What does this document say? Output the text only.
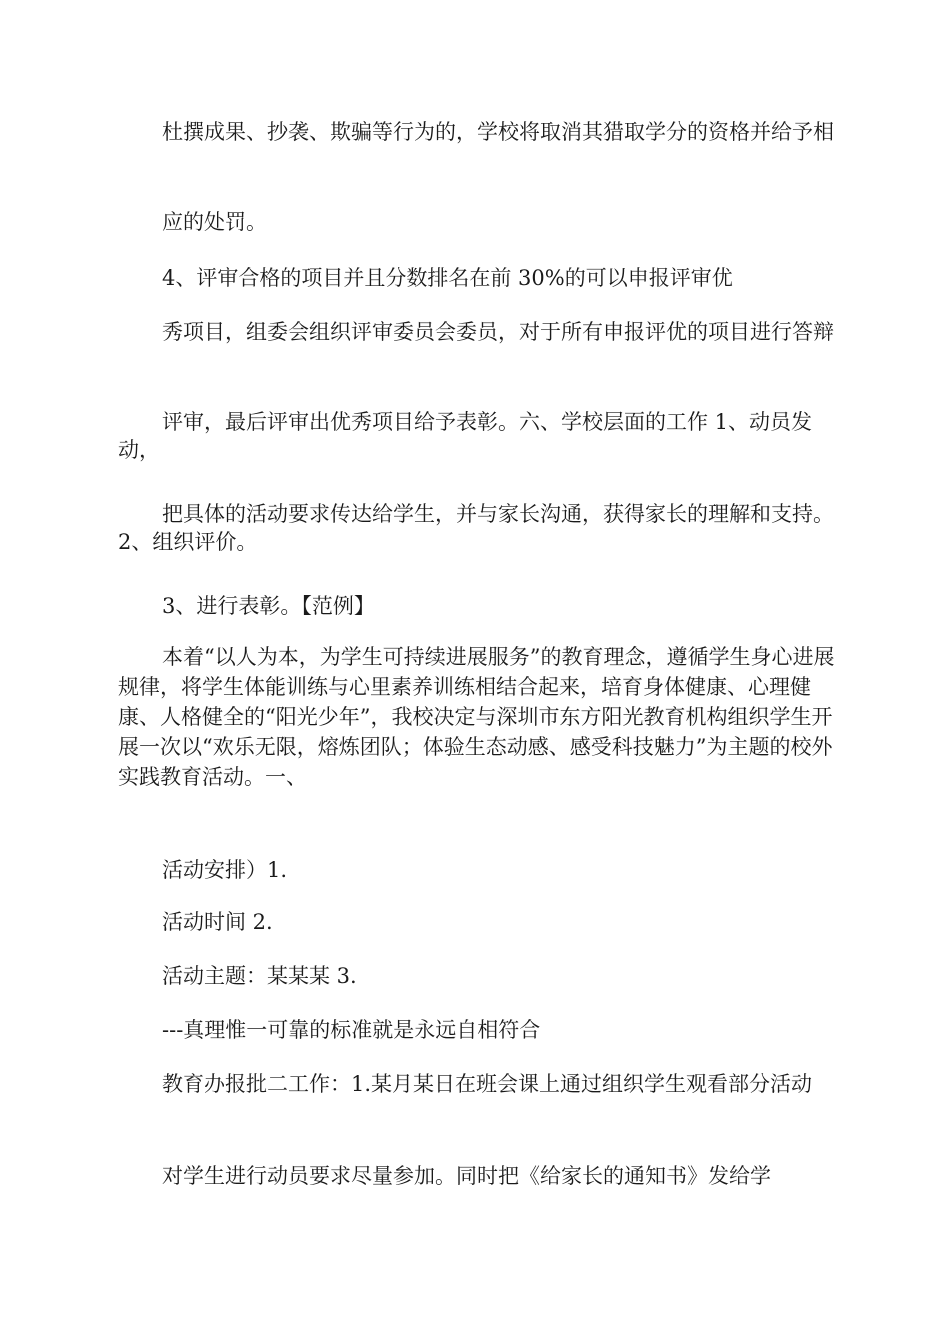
杜撰成果、抄袭、欺骗等行为的，学校将取消其猎取学分的资格并给予相

应的处罚。

4、评审合格的项目并且分数排名在前 30%的可以申报评审优

秀项目，组委会组织评审委员会委员，对于所有申报评优的项目进行答辩

评审，最后评审出优秀项目给予表彰。六、学校层面的工作 1、动员发动，

把具体的活动要求传达给学生，并与家长沟通，获得家长的理解和支持。2、组织评价。

3、进行表彰。【范例】

本着“以人为本，为学生可持续进展服务”的教育理念，遵循学生身心进展规律，将学生体能训练与心里素养训练相结合起来，培育身体健康、心理健康、人格健全的“阳光少年”，我校决定与深圳市东方阳光教育机构组织学生开展一次以“欢乐无限，熔炼团队；体验生态动感、感受科技魅力”为主题的校外实践教育活动。一、

活动安排）1.

活动时间 2.

活动主题：某某某 3.

---真理惟一可靠的标准就是永远自相符合

教育办报批二工作：1.某月某日在班会课上通过组织学生观看部分活动

对学生进行动员要求尽量参加。同时把《给家长的通知书》发给学
